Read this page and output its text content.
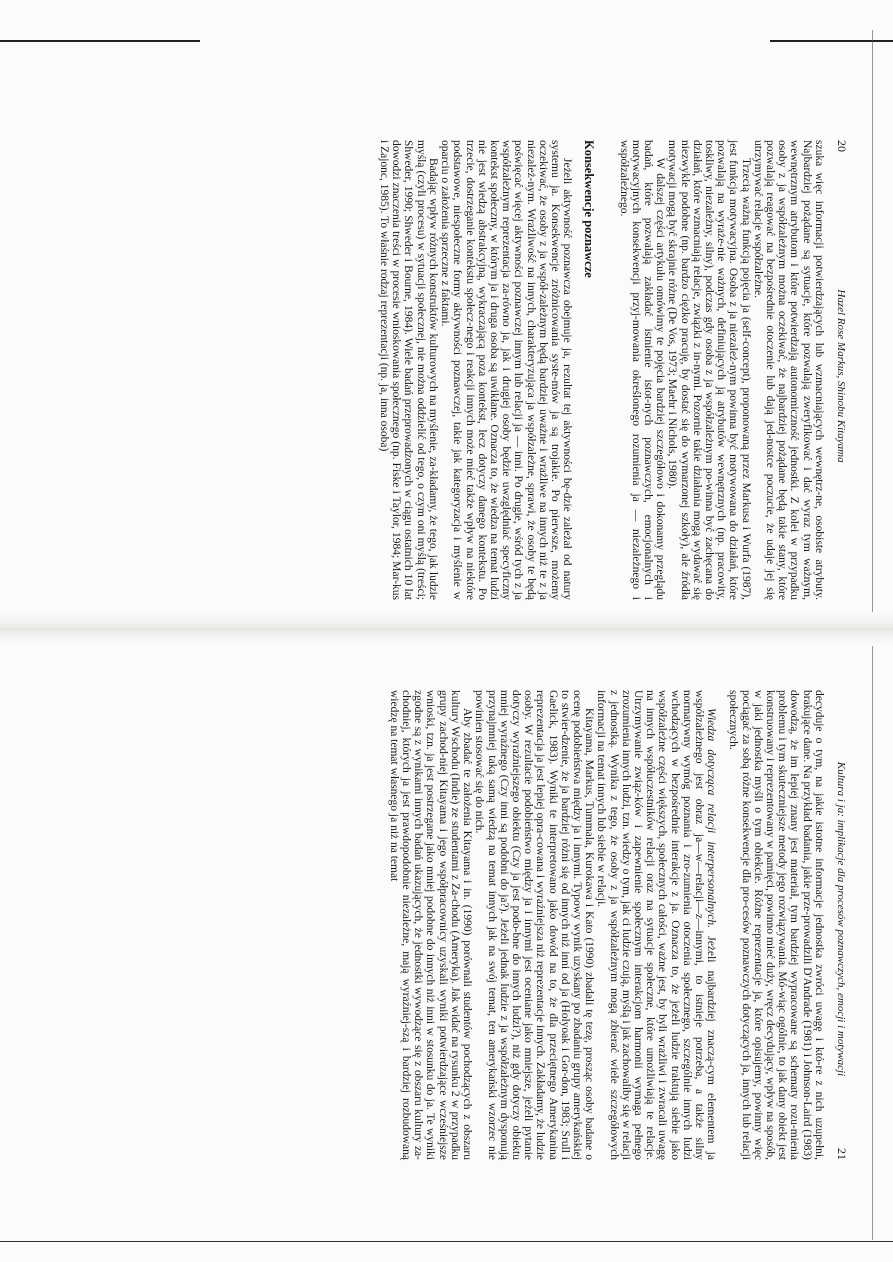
20
Hazel Rose Markus, Shinobu Kitayama

szuka więc informacji potwierdzających lub wzmacniających wewnętrz-ne, osobiste atrybuty. Najbardziej pożądane są sytuacje, które pozwalają zweryfikować i dać wyraz tym ważnym, wewnętrznym atrybutom i które potwierdzają autonomiczność jednostki. Z kolei w przypadku osoby z ja współzależnym można oczekiwać, że najbardziej pożądane będą takie stany, które pozwalają reagować na bezpośrednie otoczenie lub dają jed-nostce poczucie, że udaje jej się utrzymywać relacje współzależne.

Trzecią ważną funkcją pojęcia ja (self-concept), proponowaną przez Markusa i Wurfa (1987), jest funkcja motywacyjna. Osoba z ja niezależ-nym powinna być motywowana do działań, które pozwalają na wyraże-nie ważnych, definiujących ją atrybutów wewnętrznych (np. pracowity, toskliwy, niezależny, silny), podczas gdy osoba z ja współzależnym po-winna być zachęcana do działań, które wzmacniają relacje, związki z in-nymi. Pozornie takie działania mogą wydawać się niezwykle podobne (np. bardzo ciężko pracuję, by dostać się do wymarzonej szkoły), ale źródła motywacji mogą być skrajnie różne (De Vos, 1973; Maehr i Nichols, 1980).

W dalszej części artykułu omówimy te pojęcia bardziej szczegółowo i dokonamy przeglądu badań, które pozwalają zakładać istnienie istot-nych poznawczych, emocjonalnych i motywacyjnych konsekwencji przyj-mowania określonego rozumienia ja — niezależnego i współzależnego.

Konsekwencje poznawcze

Jeżeli aktywność poznawcza obejmuje ja, rezultat tej aktywności bę-dzie zależał od natury systemu ja. Konsekwencje zróżnicowania syste-mów ja są trojakie. Po pierwsze, możemy oczekiwać, że osoby z ja współ-zależnym będą bardziej uważne i wrażliwe na innych niż te z ja niezależ-nym. Wrażliwość na innych, charakteryzująca ja współzależne, sprawi, że osoby te będą poświęcać więcej aktywności poznawczej innym lub relacji ja — inni. Po drugie, wśród tych z ja współzależnym reprezentacja za-równo ja, jak i drugiej osoby będzie uwzględniać specyficzny kontekst społeczny, w którym ja i druga osoba są uwikłane. Oznacza to, że wiedza na temat ludzi nie jest wiedzą abstrakcyjną, wykraczającą poza kontekst, lecz dotyczy danego kontekstu. Po trzecie, dostrzeganie kontekstu społecz-nego i reakcji innych może mieć także wpływ na niektóre podstawowe, niespołeczne formy aktywności poznawczej, takie jak kategoryzacja i myślenie w oparciu o założenia sprzeczne z faktami.

Badając wpływ różnych konstruktów kulturowych na myślenie, za-kładamy, że tego, jak ludzie myślą (czyli procesu) w sytuacji społecznej, nie można oddzielić od tego, o czym oni myślą (treści; Shweder, 1990; Shweder i Bourne, 1984). Wiele badań przeprowadzonych w ciągu ostatnich 10 lat dowodzi znaczenia treści w procesie wnioskowania społecznego (np. Fiske i Taylor, 1984; Mar-kus i Zajonc, 1985). To właśnie rodzaj reprezentacji (np. ja, inna osoba)

Kultura i ja: implikacje dla procesów poznawczych, emocji i motywacji
21

decyduje o tym, na jakie istotne informacje jednostka zwróci uwagę i któ-re z nich uzupełni, brakujące dane. Na przykład badania, jakie prze-prowadzili D'Andrade (1981) i Johnson-Laird (1983) dowodzą, że im lepiej znany jest materiał, tym bardziej wypracowane są schematy rozu-mienia problemu i tym skuteczniejsze metody jego rozwiązywania. Mó-wiąc ogólnie, to jak dany obiekt jest konstruowany i reprezentowany w pamięci, powinno mieć duży, wręcz decydujący, wpływ na sposób, w jaki jednostka myśli o tym obiekcie. Różne reprezentacje ja, które opisujemy, powinny więc pociągać za sobą różne konsekwencje dla pro-cesów poznawczych dotyczących ja, innych lub relacji społecznych.

Wiedza dotycząca relacji interpersonalnych. Jeżeli najbardziej znaczą-cym elementem ja współzależnego jest obraz ja—w—relacji—z—innymi, to istnieje potrzeba, a także silny normatywny wymóg poznania i zro-zumienia otoczenia społecznego, szczególnie innych ludzi wchodzących w bezpośrednie interakcje z ja. Oznacza to, że jeżeli ludzie traktują siebie jako współzależne części większych, społecznych całości, ważne jest, by byli wrażliwi i zwracali uwagę na innych współuczestników relacji oraz na sytuacje społeczne, które umożliwiają te relacje. Utrzymywanie związ-ków i zapewnienie społecznym interakcjom harmonii wymaga pełnego zrozumienia innych ludzi, tzn. wiedzy o tym, jak ci ludzie czują, myślą i jak zachowaliby się w relacji z jednostką. Wynika z tego, że osoby z ja współzależnym mogą zbierać wiele szczegółowych informacji na temat innych lub siebie w relacji.

Kitayama, Markus, Tummala, Kurokawa i Kato (1990) zbadali tę tezę, prosząc osoby badane o ocenę podobieństwa między ja i innymi. Typowy wynik uzyskany po zbadaniu grupy amerykańskiej to stwier-dzenie, że ja bardziej różni się od innych niż inni od ja (Holyoak i Gor-don, 1983; Srull i Gaelick, 1983). Wyniki te interpretowano jako dowód na to, że dla przeciętnego Amerykanina reprezentacja ja jest lepiej opra-cowana i wyraźniejsza niż reprezentacje innych. Zakładamy, że ludzie osoby. W rezultacie podobieństwo między ja i innymi jest oceniane jako mniejsze, jeżeli pytanie dotyczy wyraźniejszego obiektu (Czy ja jest podo-bne do innych ludzi?), niż gdy dotyczy obiektu mniej wyraźnego (Czy inni są podobni do ja?). Jeżeli jednak ludzie z ja współzależnym dysponują przynajmniej taką samą wiedzą na temat innych jak na swój temat, ten amerykański wzorzec nie powinien stosować się do nich.

Aby zbadać te założenia Kitayama i in. (1990) porównali studentów pochodzących z obszaru kultury Wschodu (Indie) ze studentami z Za-chodu (Ameryka). Jak widać na rysunku 2 w przypadku grupy zachod-niej Kitayama i jego współpracownicy uzyskali wyniki potwierdzające wcześniejsze wnioski, tzn. ja jest postrzegane jako mniej podobne do innych niż inni w stosunku do ja. Te wyniki zgodne są z wynikami innych badań ukazujących, że jednostki wywodzące się z obszaru kultury za-chodniej, których ja jest prawdopodobnie niezależne, mają wyraźniej-szą i bardziej rozbudowaną wiedzę na temat własnego ja niż na temat
